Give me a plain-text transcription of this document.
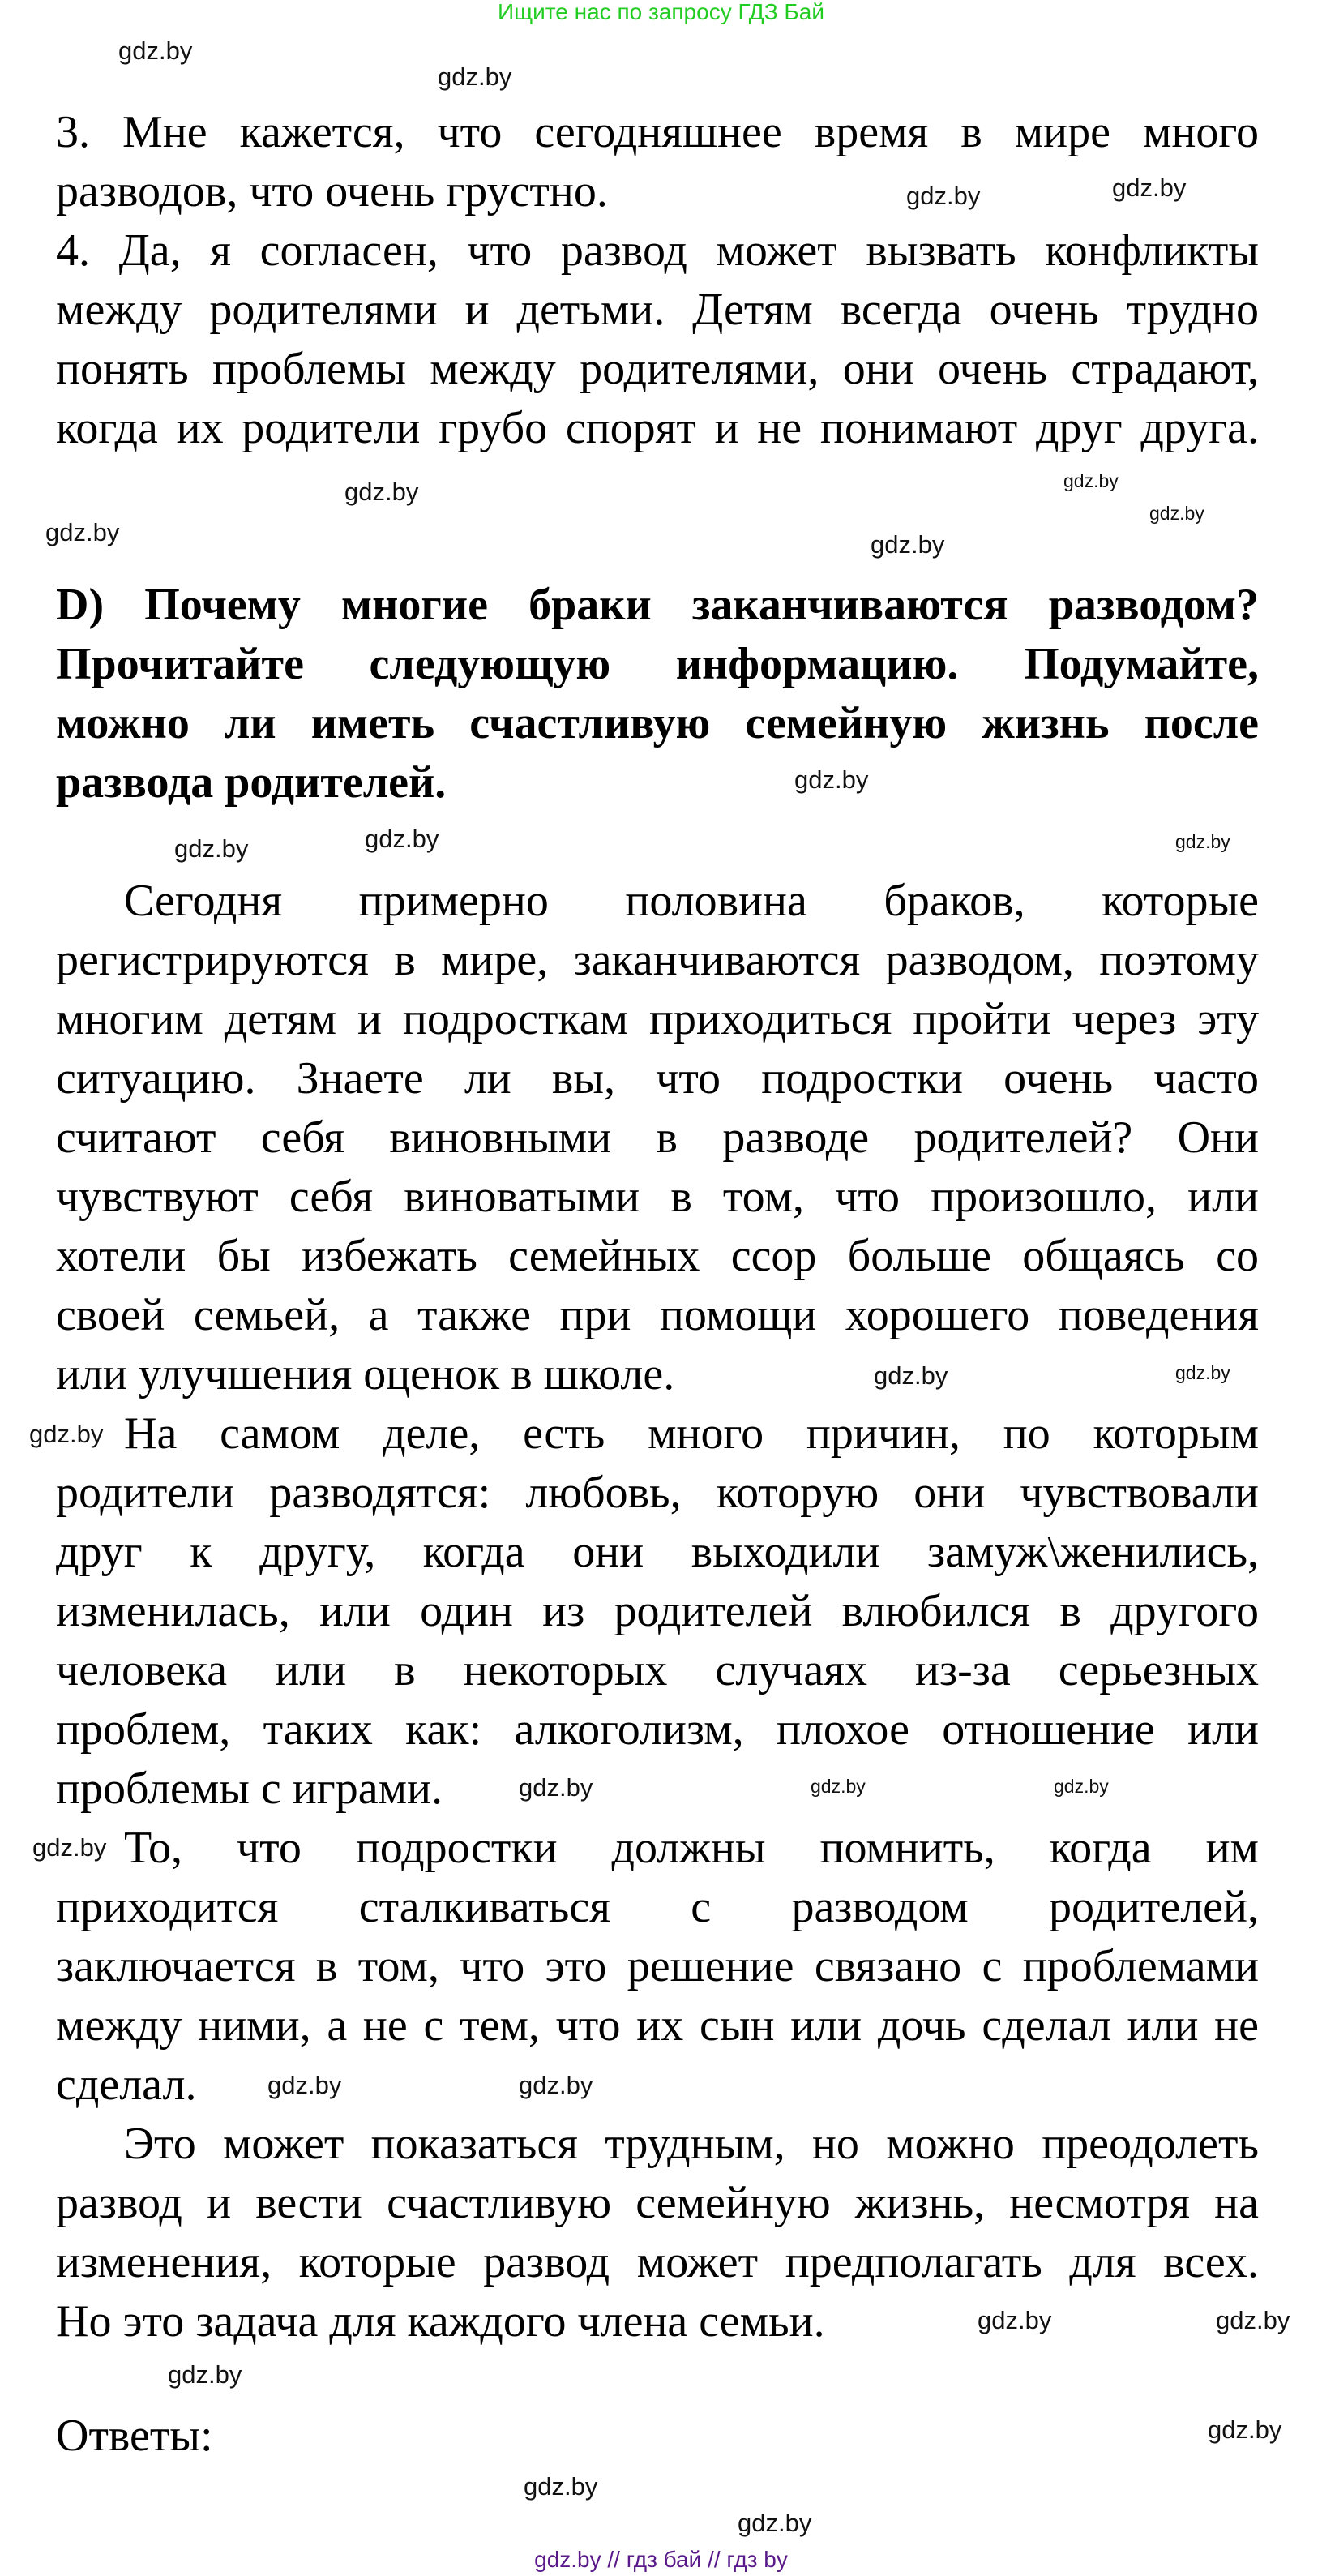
Ищите нас по запросу ГДЗ Бай
3. Мне кажется, что сегодняшнее время в мире много
разводов, что очень грустно.
4. Да, я согласен, что развод может вызвать конфликты
между родителями и детьми. Детям всегда очень трудно
понять проблемы между родителями, они очень страдают,
когда их родители грубо спорят и не понимают друг друга.
D) Почему многие браки заканчиваются разводом?
Прочитайте следующую информацию. Подумайте,
можно ли иметь счастливую семейную жизнь после
развода родителей.
Сегодня примерно половина браков, которые
регистрируются в мире, заканчиваются разводом, поэтому
многим детям и подросткам приходиться пройти через эту
ситуацию. Знаете ли вы, что подростки очень часто
считают себя виновными в разводе родителей? Они
чувствуют себя виноватыми в том, что произошло, или
хотели бы избежать семейных ссор больше общаясь со
своей семьей, а также при помощи хорошего поведения
или улучшения оценок в школе.
На самом деле, есть много причин, по которым
родители разводятся: любовь, которую они чувствовали
друг к другу, когда они выходили замуж\женились,
изменилась, или один из родителей влюбился в другого
человека или в некоторых случаях из-за серьезных
проблем, таких как: алкоголизм, плохое отношение или
проблемы с играми.
То, что подростки должны помнить, когда им
приходится сталкиваться с разводом родителей,
заключается в том, что это решение связано с проблемами
между ними, а не с тем, что их сын или дочь сделал или не
сделал.
Это может показаться трудным, но можно преодолеть
развод и вести счастливую семейную жизнь, несмотря на
изменения, которые развод может предполагать для всех.
Но это задача для каждого члена семьи.
Ответы:
gdz.by
gdz.by
gdz.by
gdz.by
gdz.by
gdz.by
gdz.by	gdz.by
gdz.by
gdz.by
gdz.by
gdz.by
gdz.by
gdz.by
gdz.by
gdz.by
gdz.by
gdz.by
gdz.by
gdz.by
gdz.by	gdz.by
gdz.by
gdz.by
gdz.by
gdz.by
gdz.by
gdz.by
gdz.by // гдз бай // гдз by
